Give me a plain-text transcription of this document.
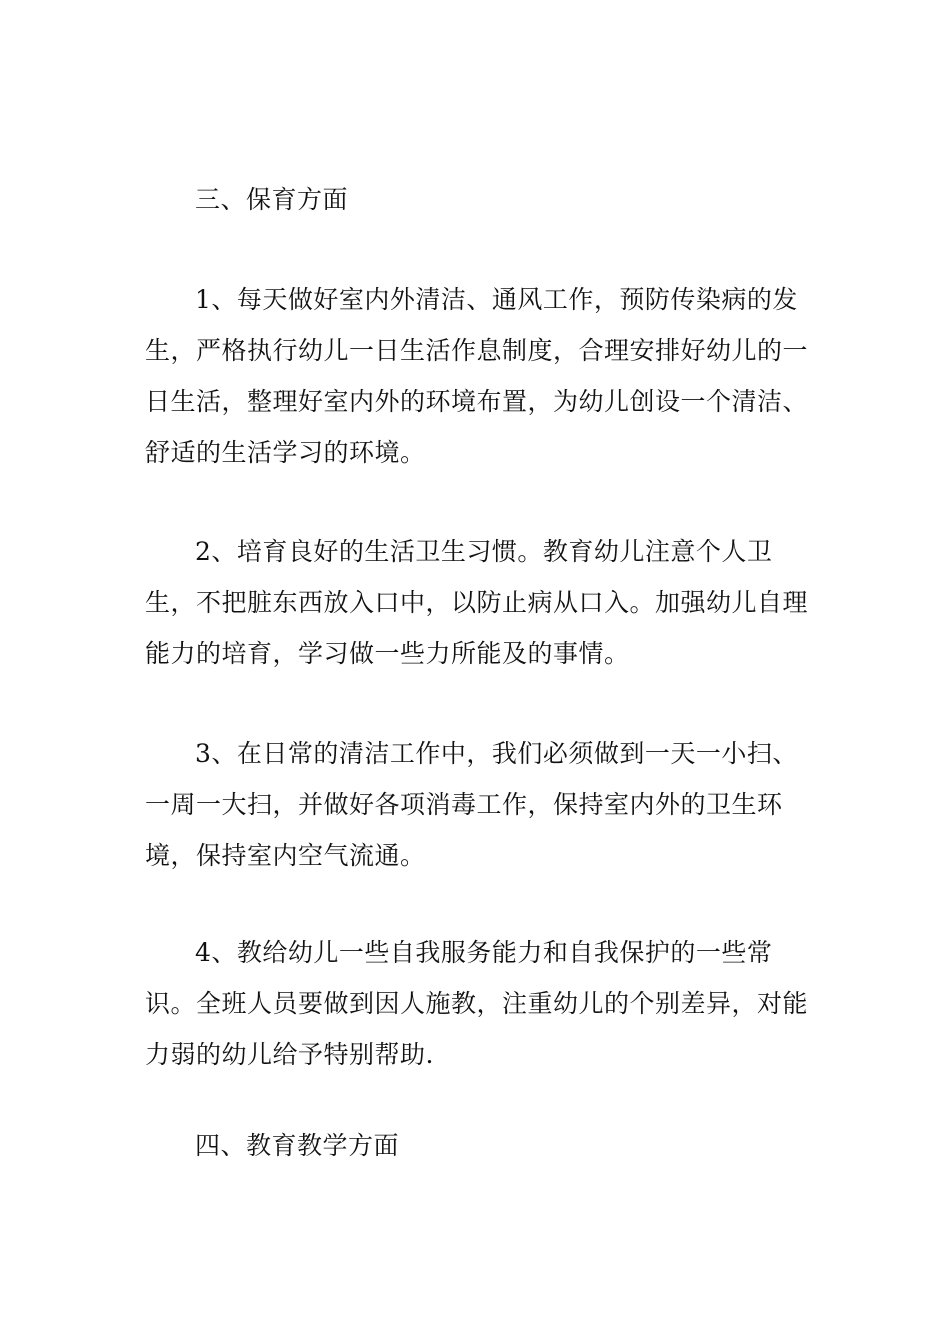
三、保育方面

1、每天做好室内外清洁、通风工作，预防传染病的发生，严格执行幼儿一日生活作息制度，合理安排好幼儿的一日生活，整理好室内外的环境布置，为幼儿创设一个清洁、舒适的生活学习的环境。

2、培育良好的生活卫生习惯。教育幼儿注意个人卫生，不把脏东西放入口中，以防止病从口入。加强幼儿自理能力的培育，学习做一些力所能及的事情。

3、在日常的清洁工作中，我们必须做到一天一小扫、一周一大扫，并做好各项消毒工作，保持室内外的卫生环境，保持室内空气流通。

4、教给幼儿一些自我服务能力和自我保护的一些常识。全班人员要做到因人施教，注重幼儿的个别差异，对能力弱的幼儿给予特别帮助.

四、教育教学方面
